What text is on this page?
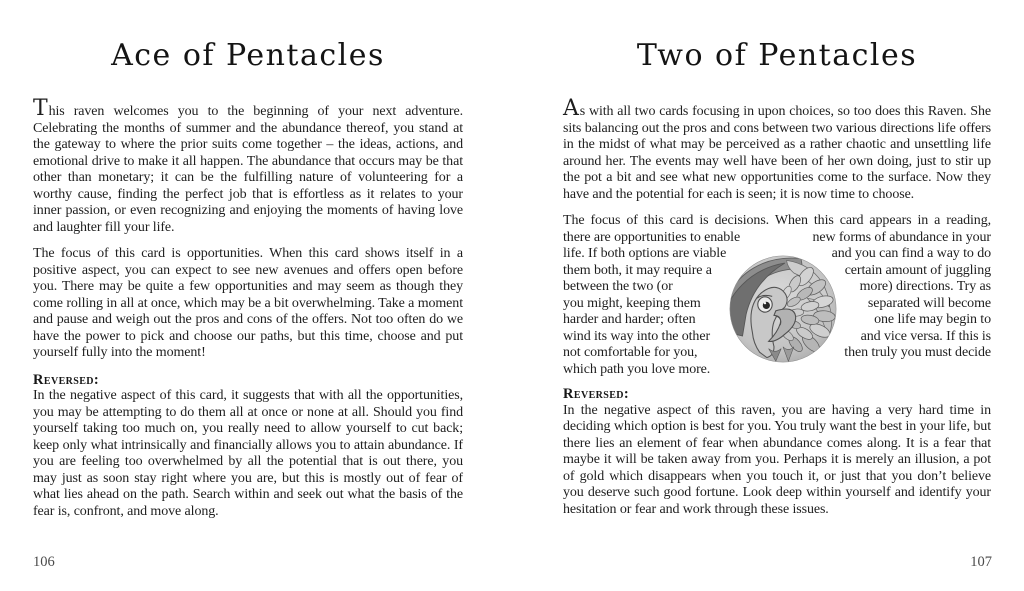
Ace of Pentacles

This raven welcomes you to the beginning of your next adventure. Celebrating the months of summer and the abundance thereof, you stand at the gateway to where the prior suits come together – the ideas, actions, and emotional drive to make it all happen. The abundance that occurs may be that other than monetary; it can be the fulfilling nature of volunteering for a worthy cause, finding the perfect job that is effortless as it relates to your inner passion, or even recognizing and enjoying the moments of having love and laughter fill your life.

The focus of this card is opportunities. When this card shows itself in a positive aspect, you can expect to see new avenues and offers open before you. There may be quite a few opportunities and may seem as though they come rolling in all at once, which may be a bit overwhelming. Take a moment and pause and weigh out the pros and cons of the offers. Not too often do we have the power to pick and choose our paths, but this time, choose and put yourself fully into the moment!

Reversed:

In the negative aspect of this card, it suggests that with all the opportunities, you may be attempting to do them all at once or none at all. Should you find yourself taking too much on, you really need to allow yourself to cut back; keep only what intrinsically and financially allows you to attain abundance. If you are feeling too overwhelmed by all the potential that is out there, you may just as soon stay right where you are, but this is mostly out of fear of what lies ahead on the path. Search within and seek out what the basis of the fear is, confront, and move along.

Two of Pentacles

As with all two cards focusing in upon choices, so too does this Raven. She sits balancing out the pros and cons between two various directions life offers in the midst of what may be perceived as a rather chaotic and unsettling life around her. The events may well have been of her own doing, just to stir up the pot a bit and see what new opportunities come to the surface. Now they have and the potential for each is seen; it is now time to choose.

The focus of this card is decisions. When this card appears in a reading,
there are opportunities to enable	new forms of abundance in your
life. If both options are viable	and you can find a way to do
them both, it may require a	certain amount of juggling
between the two (or	more) directions. Try as
you might, keeping them	separated will become
harder and harder; often	one life may begin to
wind its way into the other	and vice versa. If this is
not comfortable for you,	then truly you must decide
which path you love more.
Reversed:

In the negative aspect of this raven, you are having a very hard time in deciding which option is best for you. You truly want the best in your life, but there lies an element of fear when abundance comes along. It is a fear that maybe it will be taken away from you. Perhaps it is merely an illusion, a pot of gold which disappears when you touch it, or just that you don’t believe you deserve such good fortune. Look deep within yourself and identify your hesitation or fear and work through these issues.

106	107
